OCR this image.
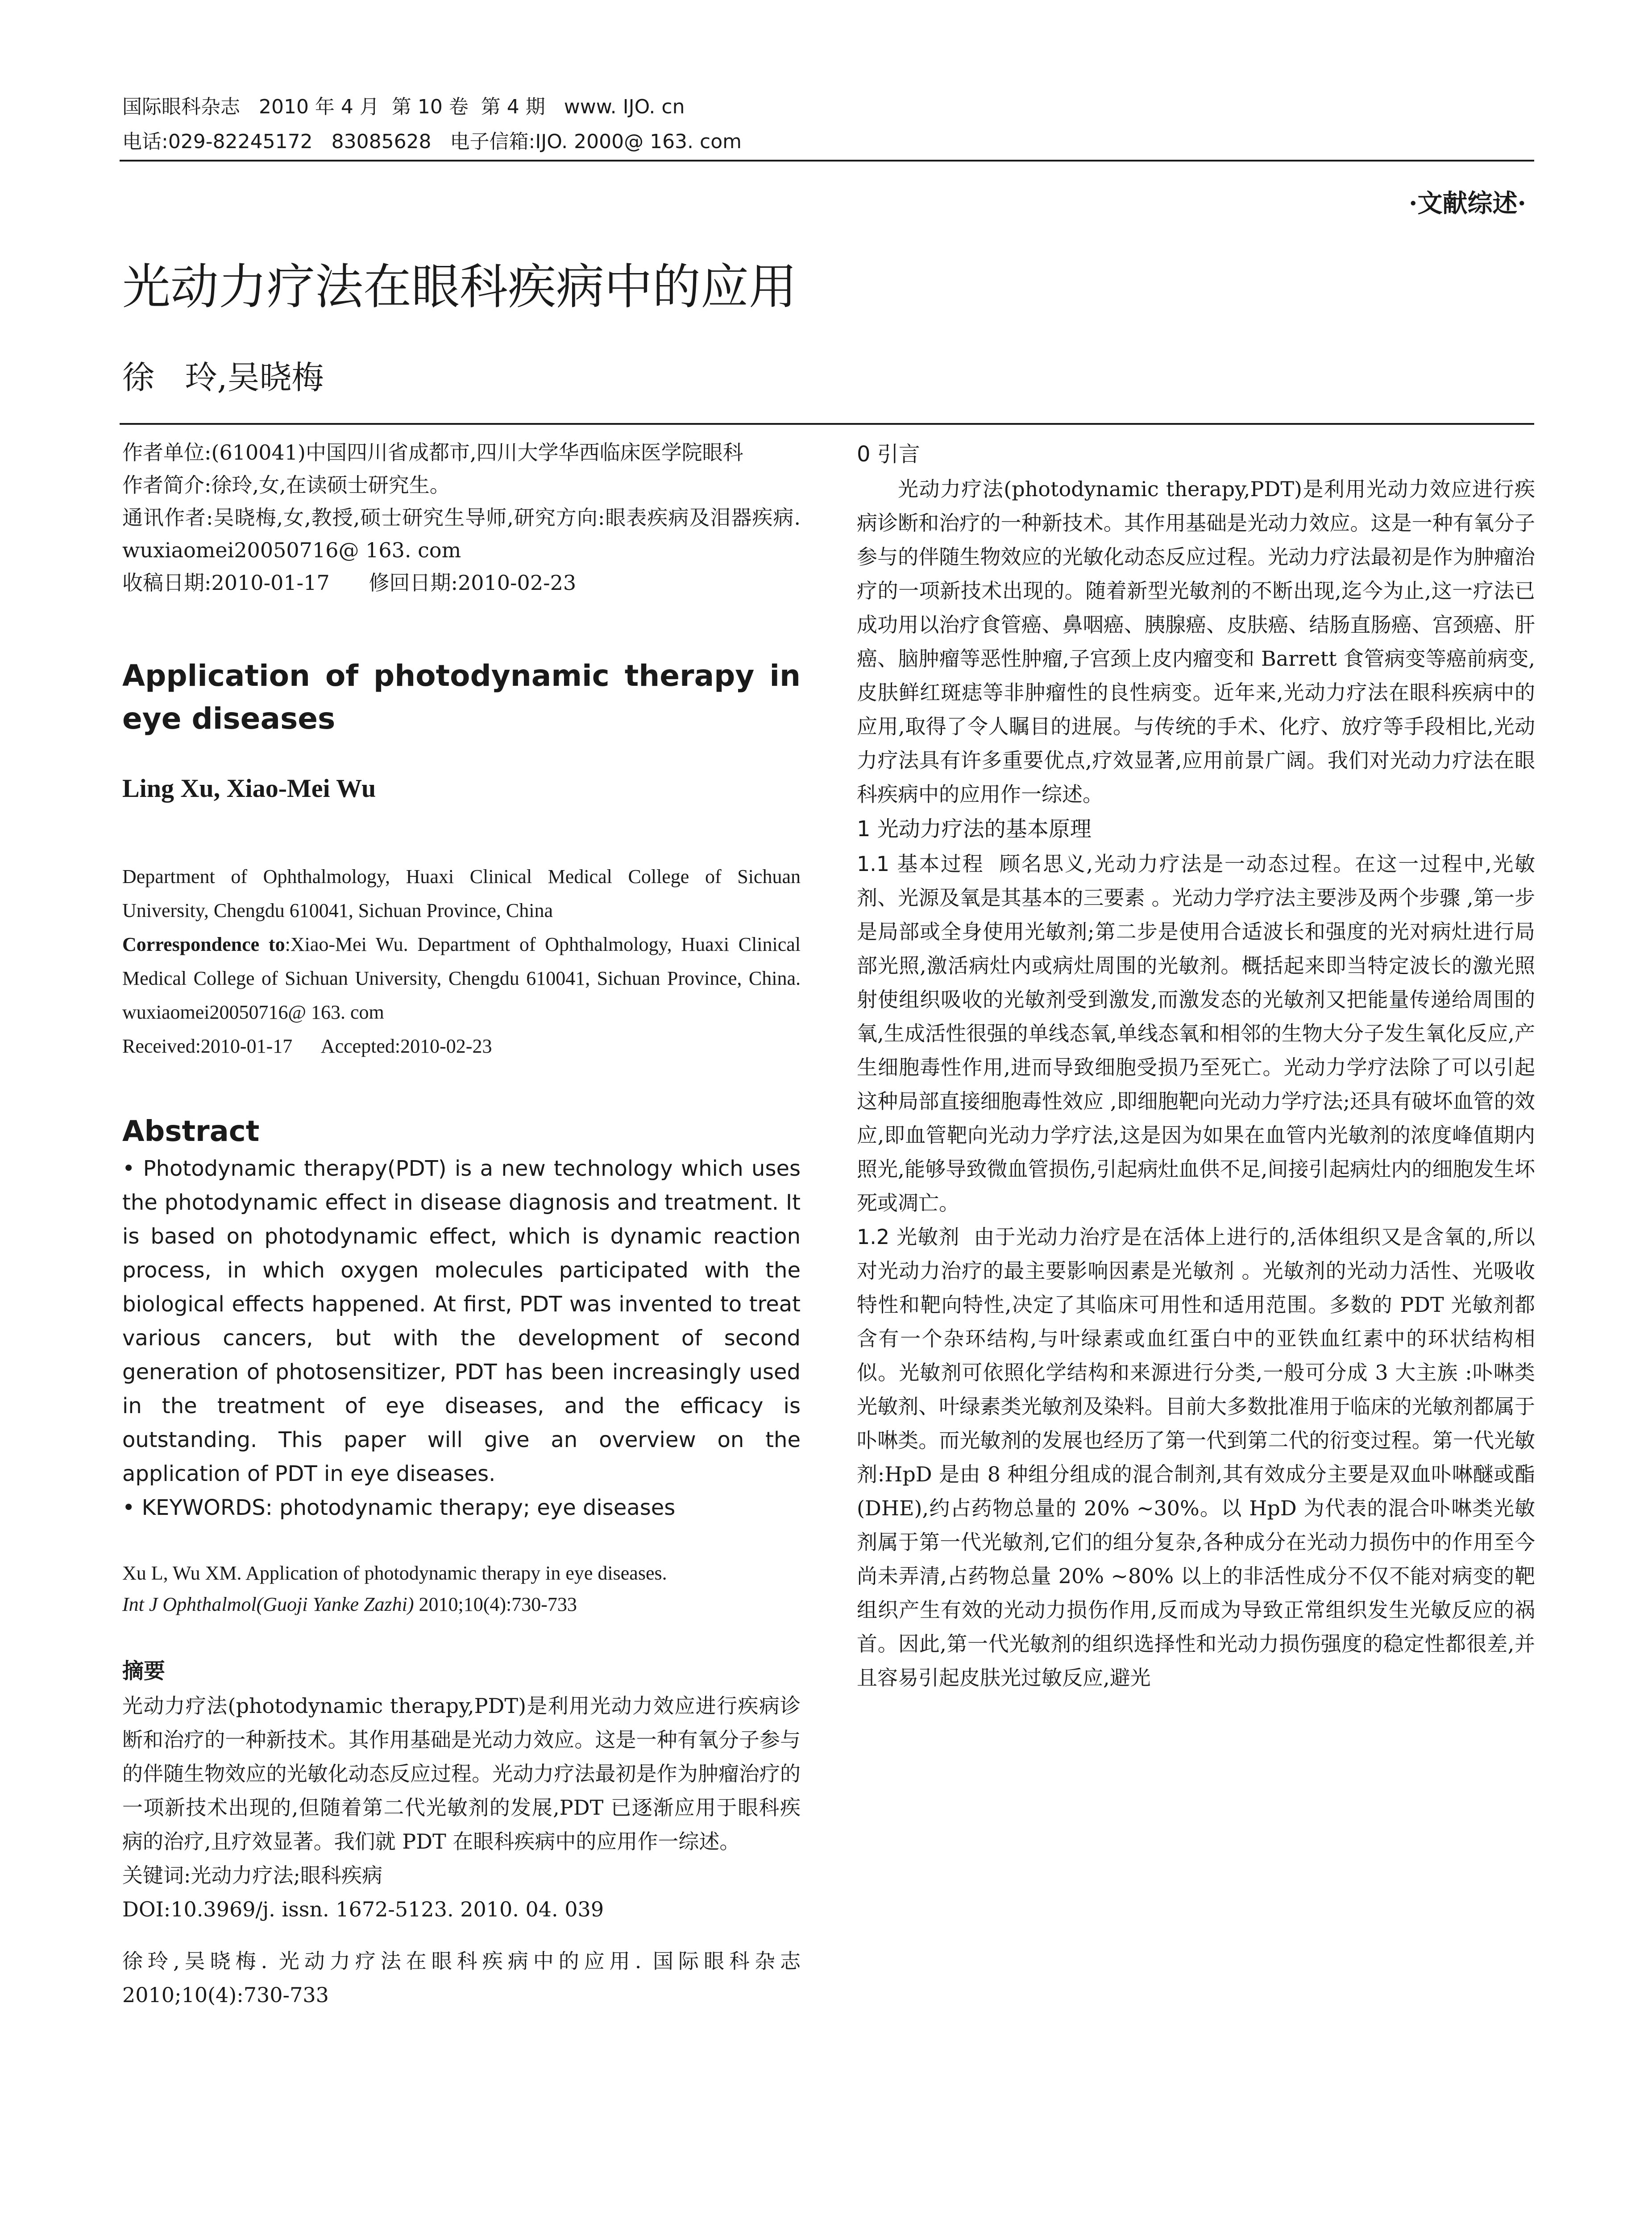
国际眼科杂志   2010 年 4 月  第 10 卷  第 4 期   www. IJO. cn
电话:029-82245172   83085628   电子信箱:IJO. 2000@ 163. com
·文献综述·
光动力疗法在眼科疾病中的应用
徐   玲,吴晓梅
作者单位:(610041)中国四川省成都市,四川大学华西临床医学院眼科
作者简介:徐玲,女,在读硕士研究生。
通讯作者:吴晓梅,女,教授,硕士研究生导师,研究方向:眼表疾病及泪器疾病. wuxiaomei20050716@ 163. com
收稿日期:2010-01-17      修回日期:2010-02-23
Application of photodynamic therapy in eye diseases
Ling Xu, Xiao-Mei Wu
Department of Ophthalmology, Huaxi Clinical Medical College of Sichuan University, Chengdu 610041, Sichuan Province, China
Correspondence to:Xiao-Mei Wu. Department of Ophthalmology, Huaxi Clinical Medical College of Sichuan University, Chengdu 610041, Sichuan Province, China. wuxiaomei20050716@ 163. com
Received:2010-01-17      Accepted:2010-02-23
Abstract
• Photodynamic therapy(PDT) is a new technology which uses the photodynamic effect in disease diagnosis and treatment. It is based on photodynamic effect, which is dynamic reaction process, in which oxygen molecules participated with the biological effects happened. At first, PDT was invented to treat various cancers, but with the development of second generation of photosensitizer, PDT has been increasingly used in the treatment of eye diseases, and the efficacy is outstanding. This paper will give an overview on the application of PDT in eye diseases.
• KEYWORDS: photodynamic therapy; eye diseases
Xu L, Wu XM. Application of photodynamic therapy in eye diseases.
Int J Ophthalmol(Guoji Yanke Zazhi) 2010;10(4):730-733
摘要
光动力疗法(photodynamic therapy,PDT)是利用光动力效应进行疾病诊断和治疗的一种新技术。其作用基础是光动力效应。这是一种有氧分子参与的伴随生物效应的光敏化动态反应过程。光动力疗法最初是作为肿瘤治疗的一项新技术出现的,但随着第二代光敏剂的发展,PDT 已逐渐应用于眼科疾病的治疗,且疗效显著。我们就 PDT 在眼科疾病中的应用作一综述。
关键词:光动力疗法;眼科疾病
DOI:10.3969/j. issn. 1672-5123. 2010. 04. 039
徐玲,吴晓梅. 光动力疗法在眼科疾病中的应用. 国际眼科杂志 2010;10(4):730-733
0 引言
光动力疗法(photodynamic therapy,PDT)是利用光动力效应进行疾病诊断和治疗的一种新技术。其作用基础是光动力效应。这是一种有氧分子参与的伴随生物效应的光敏化动态反应过程。光动力疗法最初是作为肿瘤治疗的一项新技术出现的。随着新型光敏剂的不断出现,迄今为止,这一疗法已成功用以治疗食管癌、鼻咽癌、胰腺癌、皮肤癌、结肠直肠癌、宫颈癌、肝癌、脑肿瘤等恶性肿瘤,子宫颈上皮内瘤变和 Barrett 食管病变等癌前病变,皮肤鲜红斑痣等非肿瘤性的良性病变。近年来,光动力疗法在眼科疾病中的应用,取得了令人瞩目的进展。与传统的手术、化疗、放疗等手段相比,光动力疗法具有许多重要优点,疗效显著,应用前景广阔。我们对光动力疗法在眼科疾病中的应用作一综述。
1 光动力疗法的基本原理
1.1 基本过程 顾名思义,光动力疗法是一动态过程。在这一过程中,光敏剂、光源及氧是其基本的三要素 。光动力学疗法主要涉及两个步骤 ,第一步是局部或全身使用光敏剂;第二步是使用合适波长和强度的光对病灶进行局部光照,激活病灶内或病灶周围的光敏剂。概括起来即当特定波长的激光照射使组织吸收的光敏剂受到激发,而激发态的光敏剂又把能量传递给周围的氧,生成活性很强的单线态氧,单线态氧和相邻的生物大分子发生氧化反应,产生细胞毒性作用,进而导致细胞受损乃至死亡。光动力学疗法除了可以引起这种局部直接细胞毒性效应 ,即细胞靶向光动力学疗法;还具有破坏血管的效应,即血管靶向光动力学疗法,这是因为如果在血管内光敏剂的浓度峰值期内照光,能够导致微血管损伤,引起病灶血供不足,间接引起病灶内的细胞发生坏死或凋亡。
1.2 光敏剂 由于光动力治疗是在活体上进行的,活体组织又是含氧的,所以对光动力治疗的最主要影响因素是光敏剂 。光敏剂的光动力活性、光吸收特性和靶向特性,决定了其临床可用性和适用范围。多数的 PDT 光敏剂都含有一个杂环结构,与叶绿素或血红蛋白中的亚铁血红素中的环状结构相似。光敏剂可依照化学结构和来源进行分类,一般可分成 3 大主族 :卟啉类光敏剂、叶绿素类光敏剂及染料。目前大多数批准用于临床的光敏剂都属于卟啉类。而光敏剂的发展也经历了第一代到第二代的衍变过程。第一代光敏剂:HpD 是由 8 种组分组成的混合制剂,其有效成分主要是双血卟啉醚或酯(DHE),约占药物总量的 20% ~30%。以 HpD 为代表的混合卟啉类光敏剂属于第一代光敏剂,它们的组分复杂,各种成分在光动力损伤中的作用至今尚未弄清,占药物总量 20% ~80% 以上的非活性成分不仅不能对病变的靶组织产生有效的光动力损伤作用,反而成为导致正常组织发生光敏反应的祸首。因此,第一代光敏剂的组织选择性和光动力损伤强度的稳定性都很差,并且容易引起皮肤光过敏反应,避光
